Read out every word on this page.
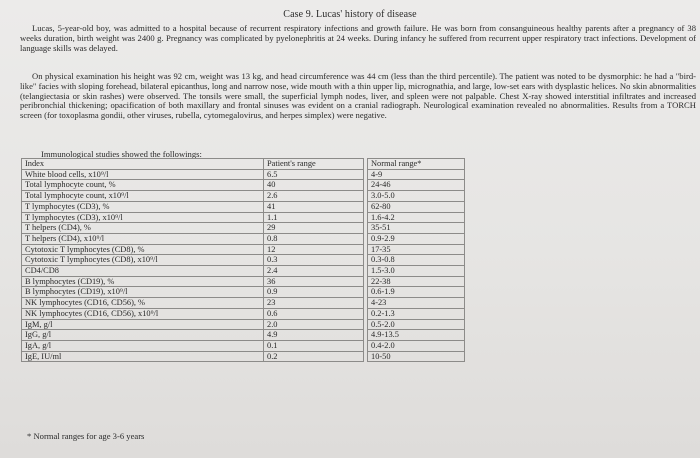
Case 9. Lucas' history of disease

Lucas, 5-year-old boy, was admitted to a hospital because of recurrent respiratory infections and growth failure. He was born from consanguineous healthy parents after a pregnancy of 38 weeks duration, birth weight was 2400 g. Pregnancy was complicated by pyelonephritis at 24 weeks. During infancy he suffered from recurrent upper respiratory tract infections. Development of language skills was delayed.

On physical examination his height was 92 cm, weight was 13 kg, and head circumference was 44 cm (less than the third percentile). The patient was noted to be dysmorphic: he had a "bird-like" facies with sloping forehead, bilateral epicanthus, long and narrow nose, wide mouth with a thin upper lip, micrognathia, and large, low-set ears with dysplastic helices. No skin abnormalities (telangiectasia or skin rashes) were observed. The tonsils were small, the superficial lymph nodes, liver, and spleen were not palpable. Chest X-ray showed interstitial infiltrates and increased peribronchial thickening; opacification of both maxillary and frontal sinuses was evident on a cranial radiograph. Neurological examination revealed no abnormalities. Results from a TORCH screen (for toxoplasma gondii, other viruses, rubella, cytomegalovirus, and herpes simplex) were negative.

Immunological studies showed the followings:
Index	Patient's range		Normal range*
White blood cells, x10⁹/l	6.5		4-9
Total lymphocyte count, %	40		24-46
Total lymphocyte count, x10⁹/l	2.6		3.0-5.0
T lymphocytes (CD3), %	41		62-80
T lymphocytes (CD3), x10⁹/l	1.1		1.6-4.2
T helpers (CD4), %	29		35-51
T helpers (CD4), x10⁹/l	0.8		0.9-2.9
Cytotoxic T lymphocytes (CD8), %	12		17-35
Cytotoxic T lymphocytes (CD8), x10⁹/l	0.3		0.3-0.8
CD4/CD8	2.4		1.5-3.0
B lymphocytes (CD19), %	36		22-38
B lymphocytes (CD19), x10⁹/l	0.9		0.6-1.9
NK lymphocytes (CD16, CD56), %	23		4-23
NK lymphocytes (CD16, CD56), x10⁹/l	0.6		0.2-1.3
IgM, g/l	2.0		0.5-2.0
IgG, g/l	4.9		4.9-13.5
IgA, g/l	0.1		0.4-2.0
IgE, IU/ml	0.2		10-50
* Normal ranges for age 3-6 years
